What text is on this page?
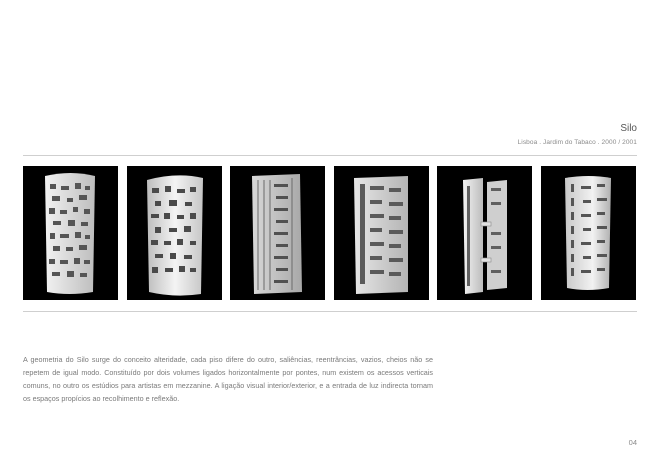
Silo
Lisboa . Jardim do Tabaco . 2000 / 2001

A geometria do Silo surge do conceito alteridade, cada piso difere do outro, saliências, reentrâncias, vazios, cheios não se repetem de igual modo. Constituído por dois volumes ligados horizontalmente por pontes, num existem os acessos verticais comuns, no outro os estúdios para artistas em mezzanine. A ligação visual interior/exterior, e a entrada de luz indirecta tornam os espaços propícios ao recolhimento e reflexão.

04
